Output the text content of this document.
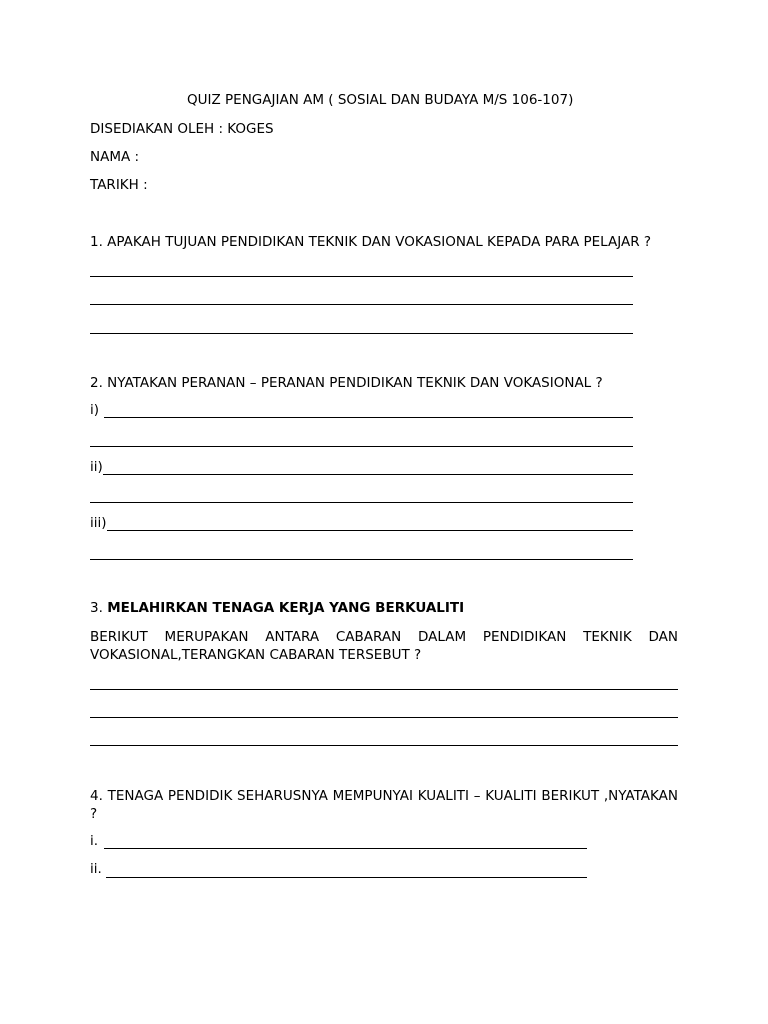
QUIZ PENGAJIAN AM ( SOSIAL DAN BUDAYA M/S 106-107)
DISEDIAKAN OLEH : KOGES
NAMA :
TARIKH :
1. APAKAH TUJUAN PENDIDIKAN TEKNIK DAN VOKASIONAL KEPADA PARA PELAJAR ?
2. NYATAKAN PERANAN – PERANAN PENDIDIKAN TEKNIK DAN VOKASIONAL ?
i)
ii)
iii)
3. MELAHIRKAN TENAGA KERJA YANG BERKUALITI
BERIKUT MERUPAKAN ANTARA CABARAN DALAM PENDIDIKAN TEKNIK DAN VOKASIONAL,TERANGKAN CABARAN TERSEBUT ?
4. TENAGA PENDIDIK SEHARUSNYA MEMPUNYAI KUALITI – KUALITI BERIKUT ,NYATAKAN ?
i.
ii.
